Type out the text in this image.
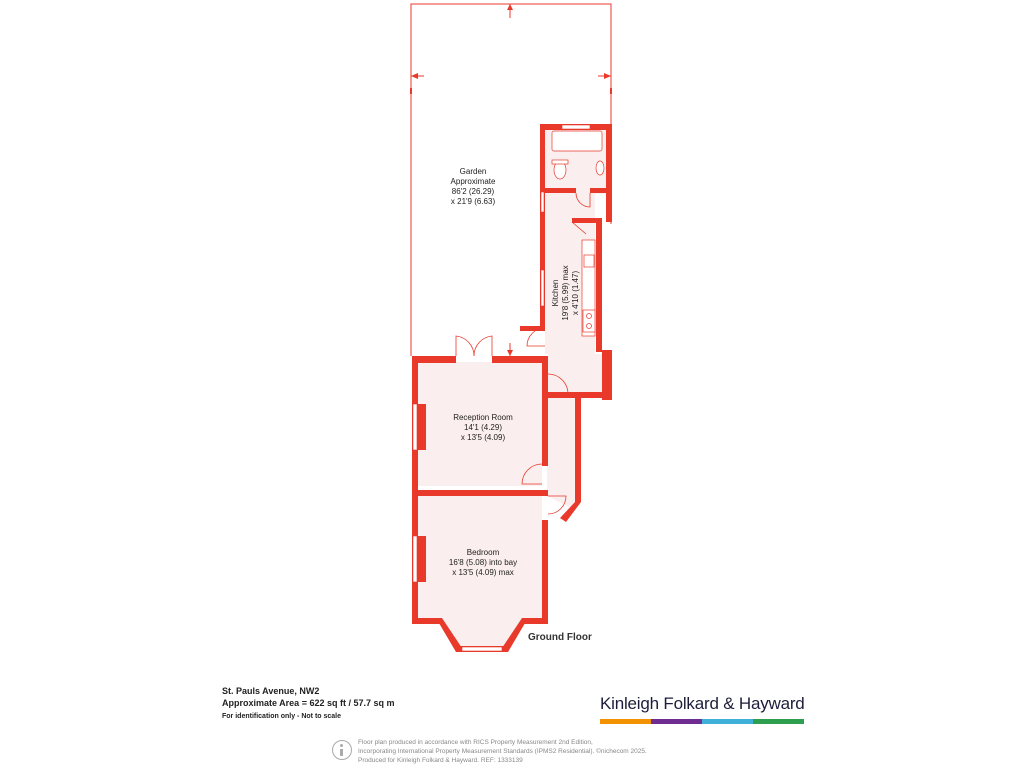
Garden
Approximate
86'2 (26.29)
x 21'9 (6.63)
Kitchen 19'8 (5.99) max x 4'10 (1.47)
Reception Room
14'1 (4.29)
x 13'5 (4.09)
Bedroom
16'8 (5.08) into bay
x 13'5 (4.09) max
Ground Floor
St. Pauls Avenue, NW2
Approximate Area = 622 sq ft / 57.7 sq m
For identification only - Not to scale
Kinleigh Folkard & Hayward
Floor plan produced in accordance with RICS Property Measurement 2nd Edition,
Incorporating International Property Measurement Standards (IPMS2 Residential). ©nichecom 2025.
Produced for Kinleigh Folkard & Hayward. REF: 1333139
